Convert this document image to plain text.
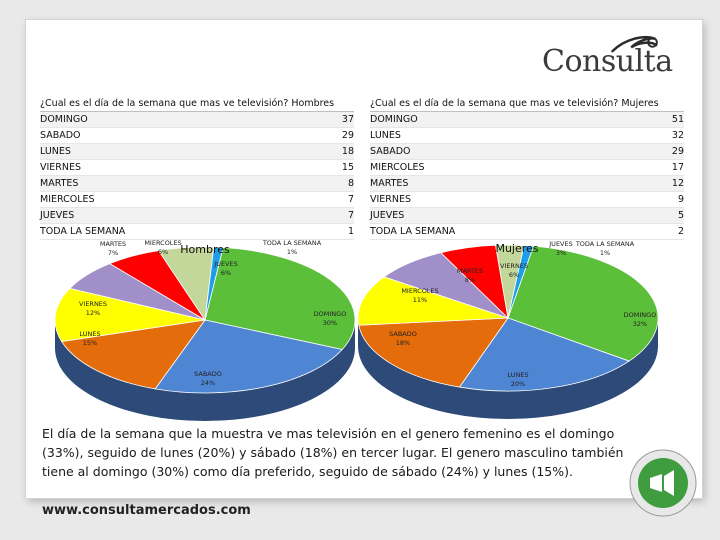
Consulta
¿Cual es el día de la semana que mas ve televisión? Hombres
DOMINGO	37
SABADO	29
LUNES	18
VIERNES	15
MARTES	8
MIERCOLES	7
JUEVES	7
TODA LA SEMANA	1
¿Cual es el día de la semana que mas ve televisión? Mujeres
DOMINGO	51
LUNES	32
SABADO	29
MIERCOLES	17
MARTES	12
VIERNES	9
JUEVES	5
TODA LA SEMANA	2
Hombres
DOMINGO 30%
SABADO 24%
LUNES 15%
VIERNES 12%
MARTES 7%
MIERCOLES 6%
JUEVES 6%
TODA LA SEMANA 1%	Mujeres
DOMINGO 32%
LUNES 20%
SABADO 18%
MIERCOLES 11%
MARTES 8%
VIERNES 6%
JUEVES 3%
TODA LA SEMANA 1%
El día de la semana que la muestra ve mas televisión en el genero femenino es el domingo (33%), seguido de lunes (20%) y sábado (18%) en tercer lugar. El genero masculino también tiene al domingo (30%) como día preferido, seguido de sábado (24%) y lunes (15%).
www.consultamercados.com
